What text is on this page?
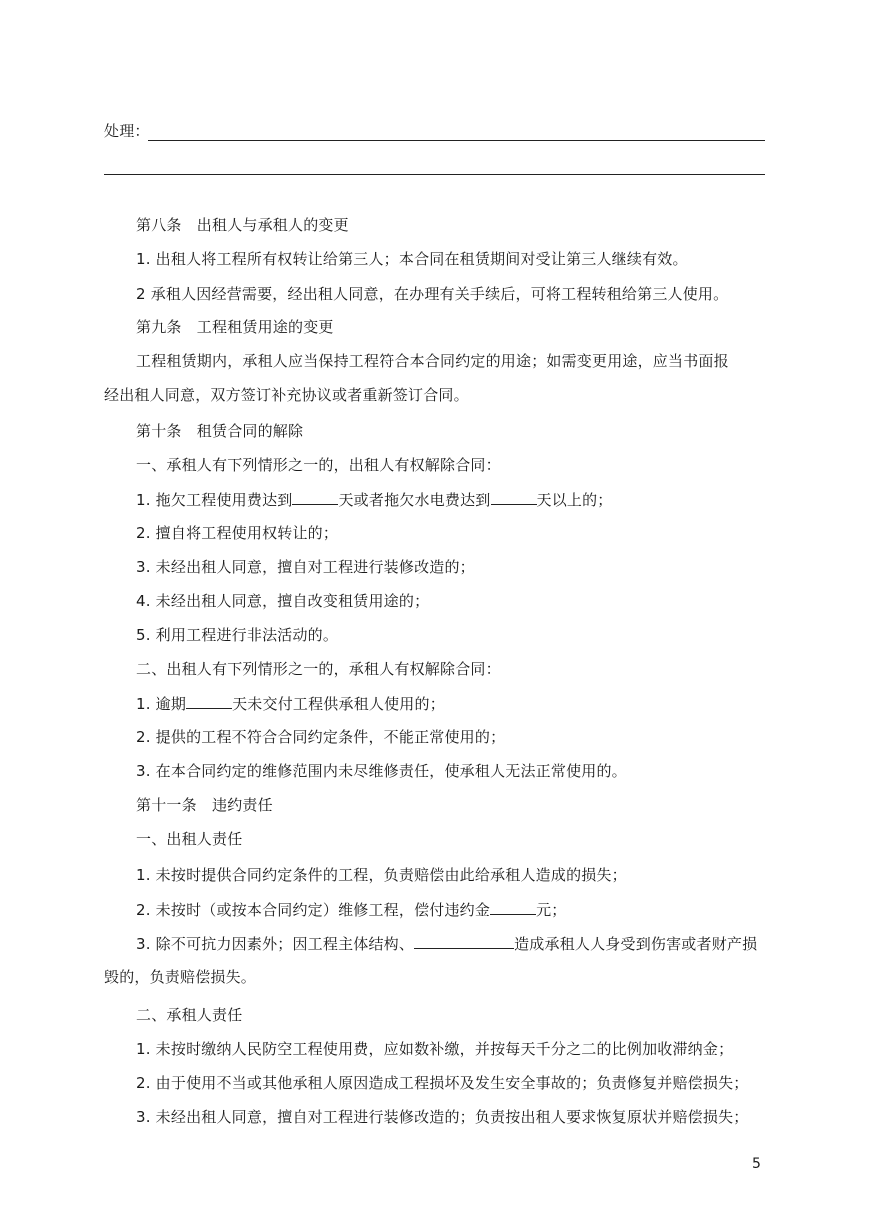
处理：
第八条　出租人与承租人的变更
1. 出租人将工程所有权转让给第三人；本合同在租赁期间对受让第三人继续有效。
2 承租人因经营需要，经出租人同意，在办理有关手续后，可将工程转租给第三人使用。
第九条　工程租赁用途的变更
工程租赁期内，承租人应当保持工程符合本合同约定的用途；如需变更用途，应当书面报
经出租人同意，双方签订补充协议或者重新签订合同。
第十条　租赁合同的解除
一、承租人有下列情形之一的，出租人有权解除合同：
1. 拖欠工程使用费达到	天或者拖欠水电费达到	天以上的；
2. 擅自将工程使用权转让的；
3. 未经出租人同意，擅自对工程进行装修改造的；
4. 未经出租人同意，擅自改变租赁用途的；
5. 利用工程进行非法活动的。
二、出租人有下列情形之一的，承租人有权解除合同：
1. 逾期	天未交付工程供承租人使用的；
2. 提供的工程不符合合同约定条件，不能正常使用的；
3. 在本合同约定的维修范围内未尽维修责任，使承租人无法正常使用的。
第十一条　违约责任
一、出租人责任
1. 未按时提供合同约定条件的工程，负责赔偿由此给承租人造成的损失；
2. 未按时（或按本合同约定）维修工程，偿付违约金	元；
3. 除不可抗力因素外；因工程主体结构、	造成承租人人身受到伤害或者财产损
毁的，负责赔偿损失。
二、承租人责任
1. 未按时缴纳人民防空工程使用费，应如数补缴，并按每天千分之二的比例加收滞纳金；
2. 由于使用不当或其他承租人原因造成工程损坏及发生安全事故的；负责修复并赔偿损失；
3. 未经出租人同意，擅自对工程进行装修改造的；负责按出租人要求恢复原状并赔偿损失；
5
